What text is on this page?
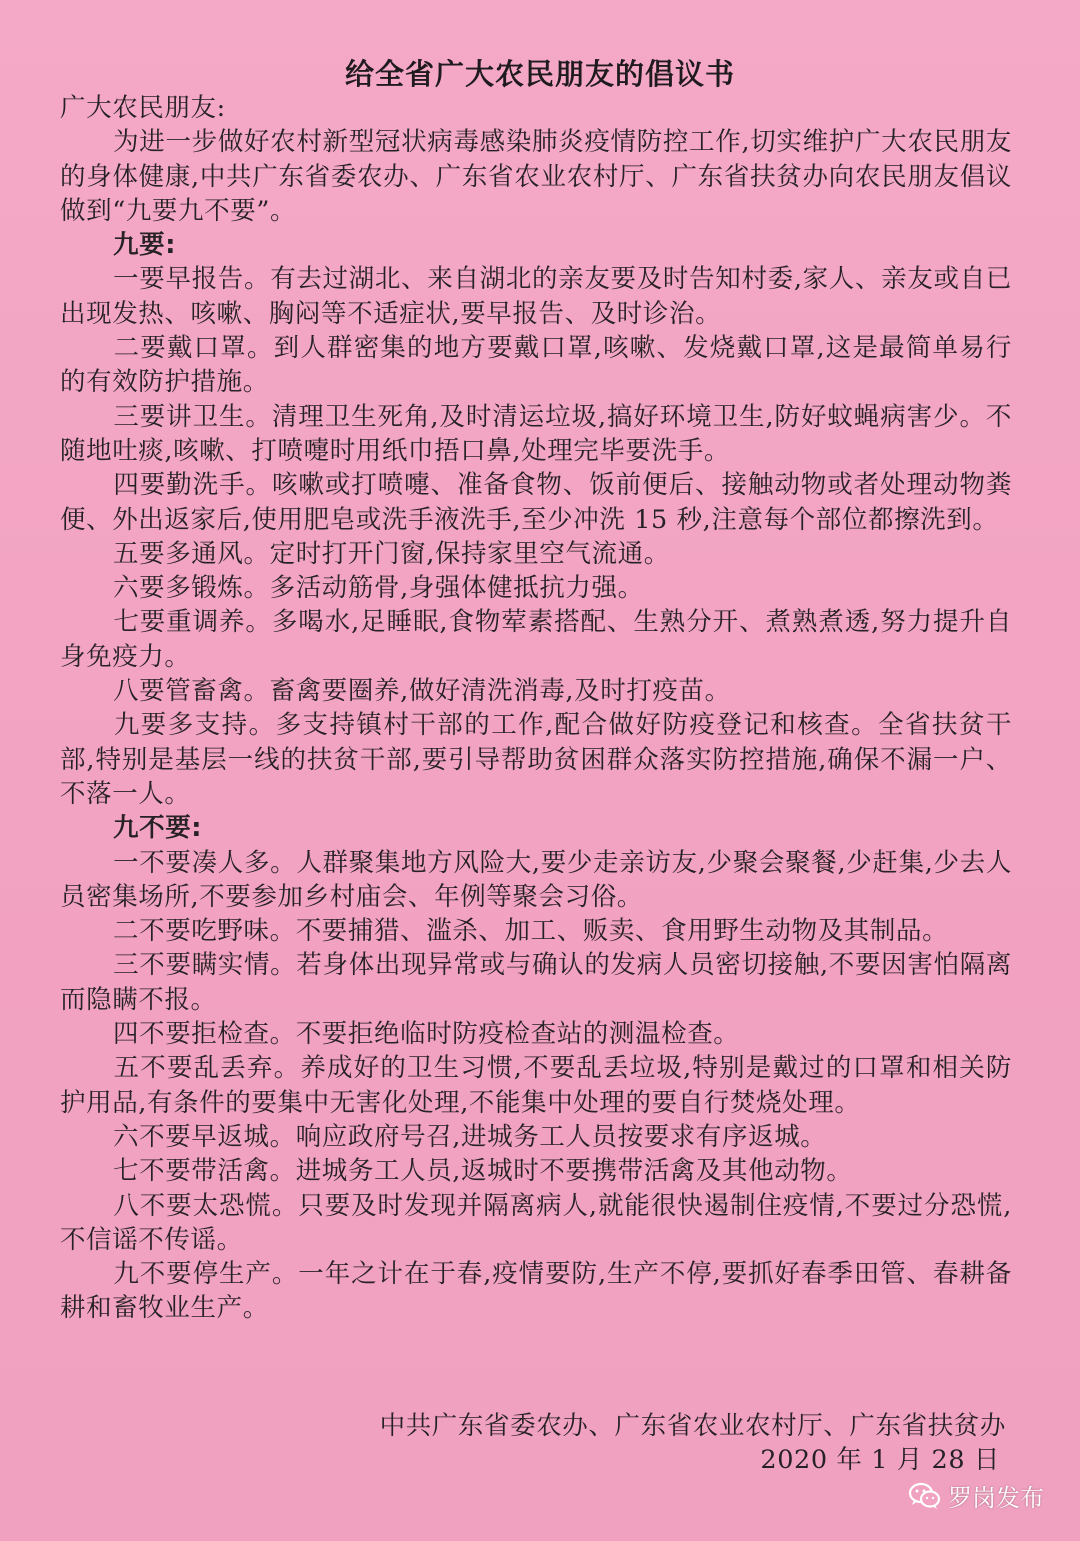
给全省广大农民朋友的倡议书
广大农民朋友:
为进一步做好农村新型冠状病毒感染肺炎疫情防控工作,切实维护广大农民朋友的身体健康,中共广东省委农办、广东省农业农村厅、广东省扶贫办向农民朋友倡议做到“九要九不要”。
九要:
一要早报告。有去过湖北、来自湖北的亲友要及时告知村委,家人、亲友或自已出现发热、咳嗽、胸闷等不适症状,要早报告、及时诊治。
二要戴口罩。到人群密集的地方要戴口罩,咳嗽、发烧戴口罩,这是最简单易行的有效防护措施。
三要讲卫生。清理卫生死角,及时清运垃圾,搞好环境卫生,防好蚊蝇病害少。不随地吐痰,咳嗽、打喷嚏时用纸巾捂口鼻,处理完毕要洗手。
四要勤洗手。咳嗽或打喷嚏、准备食物、饭前便后、接触动物或者处理动物粪便、外出返家后,使用肥皂或洗手液洗手,至少冲洗 15 秒,注意每个部位都擦洗到。
五要多通风。定时打开门窗,保持家里空气流通。
六要多锻炼。多活动筋骨,身强体健抵抗力强。
七要重调养。多喝水,足睡眠,食物荤素搭配、生熟分开、煮熟煮透,努力提升自身免疫力。
八要管畜禽。畜禽要圈养,做好清洗消毒,及时打疫苗。
九要多支持。多支持镇村干部的工作,配合做好防疫登记和核查。全省扶贫干部,特别是基层一线的扶贫干部,要引导帮助贫困群众落实防控措施,确保不漏一户、不落一人。
九不要:
一不要凑人多。人群聚集地方风险大,要少走亲访友,少聚会聚餐,少赶集,少去人员密集场所,不要参加乡村庙会、年例等聚会习俗。
二不要吃野味。不要捕猎、滥杀、加工、贩卖、食用野生动物及其制品。
三不要瞒实情。若身体出现异常或与确认的发病人员密切接触,不要因害怕隔离而隐瞒不报。
四不要拒检查。不要拒绝临时防疫检查站的测温检查。
五不要乱丢弃。养成好的卫生习惯,不要乱丢垃圾,特别是戴过的口罩和相关防护用品,有条件的要集中无害化处理,不能集中处理的要自行焚烧处理。
六不要早返城。响应政府号召,进城务工人员按要求有序返城。
七不要带活禽。进城务工人员,返城时不要携带活禽及其他动物。
八不要太恐慌。只要及时发现并隔离病人,就能很快遏制住疫情,不要过分恐慌,不信谣不传谣。
九不要停生产。一年之计在于春,疫情要防,生产不停,要抓好春季田管、春耕备耕和畜牧业生产。
中共广东省委农办、广东省农业农村厅、广东省扶贫办
2020 年 1 月 28 日
罗岗发布
